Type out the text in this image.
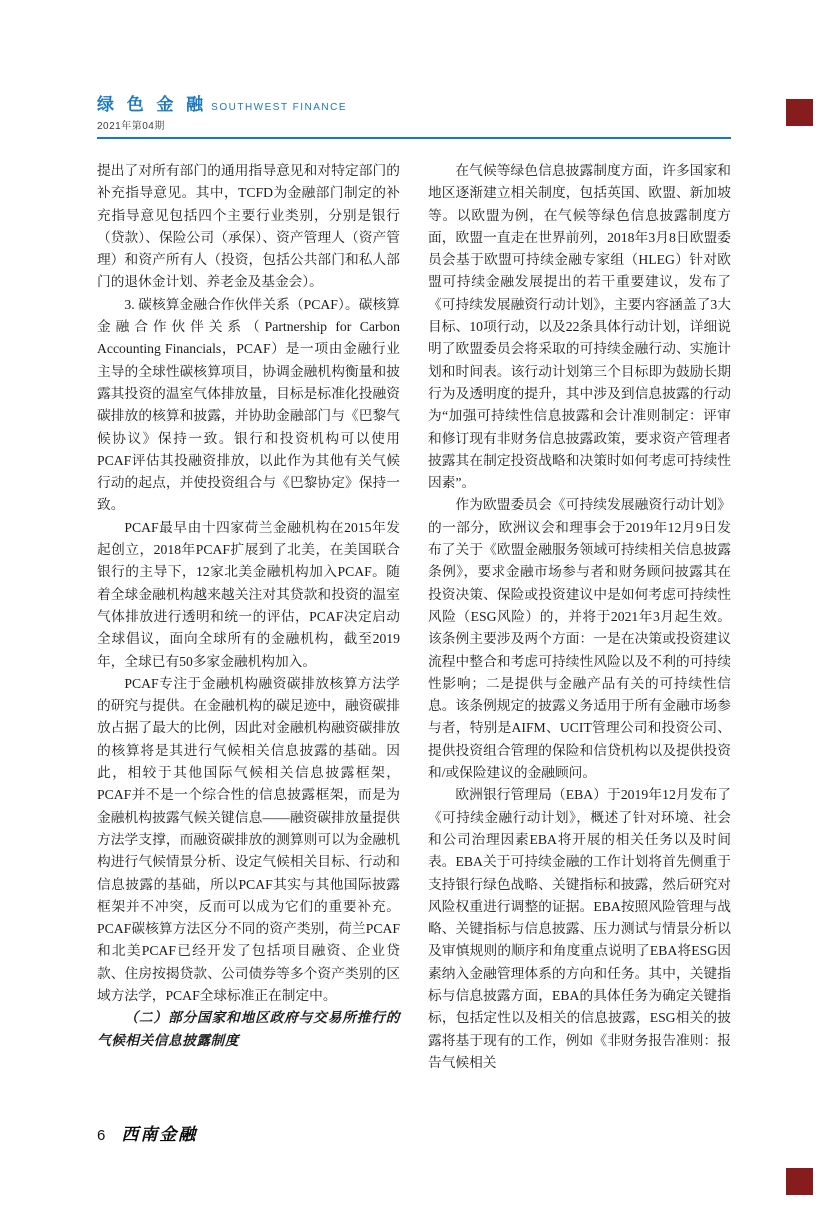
绿 色 金 融 SOUTHWEST FINANCE
2021年第04期

提出了对所有部门的通用指导意见和对特定部门的补充指导意见。其中，TCFD为金融部门制定的补充指导意见包括四个主要行业类别，分别是银行（贷款）、保险公司（承保）、资产管理人（资产管理）和资产所有人（投资，包括公共部门和私人部门的退休金计划、养老金及基金会）。

3. 碳核算金融合作伙伴关系（PCAF）。碳核算金融合作伙伴关系（Partnership for Carbon Accounting Financials，PCAF）是一项由金融行业主导的全球性碳核算项目，协调金融机构衡量和披露其投资的温室气体排放量，目标是标准化投融资碳排放的核算和披露，并协助金融部门与《巴黎气候协议》保持一致。银行和投资机构可以使用PCAF评估其投融资排放，以此作为其他有关气候行动的起点，并使投资组合与《巴黎协定》保持一致。

PCAF最早由十四家荷兰金融机构在2015年发起创立，2018年PCAF扩展到了北美，在美国联合银行的主导下，12家北美金融机构加入PCAF。随着全球金融机构越来越关注对其贷款和投资的温室气体排放进行透明和统一的评估，PCAF决定启动全球倡议，面向全球所有的金融机构，截至2019年，全球已有50多家金融机构加入。

PCAF专注于金融机构融资碳排放核算方法学的研究与提供。在金融机构的碳足迹中，融资碳排放占据了最大的比例，因此对金融机构融资碳排放的核算将是其进行气候相关信息披露的基础。因此，相较于其他国际气候相关信息披露框架，PCAF并不是一个综合性的信息披露框架，而是为金融机构披露气候关键信息——融资碳排放量提供方法学支撑，而融资碳排放的测算则可以为金融机构进行气候情景分析、设定气候相关目标、行动和信息披露的基础，所以PCAF其实与其他国际披露框架并不冲突，反而可以成为它们的重要补充。PCAF碳核算方法区分不同的资产类别，荷兰PCAF和北美PCAF已经开发了包括项目融资、企业贷款、住房按揭贷款、公司债券等多个资产类别的区域方法学，PCAF全球标准正在制定中。

（二）部分国家和地区政府与交易所推行的气候相关信息披露制度

在气候等绿色信息披露制度方面，许多国家和地区逐渐建立相关制度，包括英国、欧盟、新加坡等。以欧盟为例，在气候等绿色信息披露制度方面，欧盟一直走在世界前列，2018年3月8日欧盟委员会基于欧盟可持续金融专家组（HLEG）针对欧盟可持续金融发展提出的若干重要建议，发布了《可持续发展融资行动计划》，主要内容涵盖了3大目标、10项行动，以及22条具体行动计划，详细说明了欧盟委员会将采取的可持续金融行动、实施计划和时间表。该行动计划第三个目标即为鼓励长期行为及透明度的提升，其中涉及到信息披露的行动为“加强可持续性信息披露和会计准则制定：评审和修订现有非财务信息披露政策，要求资产管理者披露其在制定投资战略和决策时如何考虑可持续性因素”。

作为欧盟委员会《可持续发展融资行动计划》的一部分，欧洲议会和理事会于2019年12月9日发布了关于《欧盟金融服务领域可持续相关信息披露条例》，要求金融市场参与者和财务顾问披露其在投资决策、保险或投资建议中是如何考虑可持续性风险（ESG风险）的，并将于2021年3月起生效。该条例主要涉及两个方面：一是在决策或投资建议流程中整合和考虑可持续性风险以及不利的可持续性影响；二是提供与金融产品有关的可持续性信息。该条例规定的披露义务适用于所有金融市场参与者，特别是AIFM、UCIT管理公司和投资公司、提供投资组合管理的保险和信贷机构以及提供投资和/或保险建议的金融顾问。

欧洲银行管理局（EBA）于2019年12月发布了《可持续金融行动计划》，概述了针对环境、社会和公司治理因素EBA将开展的相关任务以及时间表。EBA关于可持续金融的工作计划将首先侧重于支持银行绿色战略、关键指标和披露，然后研究对风险权重进行调整的证据。EBA按照风险管理与战略、关键指标与信息披露、压力测试与情景分析以及审慎规则的顺序和角度重点说明了EBA将ESG因素纳入金融管理体系的方向和任务。其中，关键指标与信息披露方面，EBA的具体任务为确定关键指标，包括定性以及相关的信息披露，ESG相关的披露将基于现有的工作，例如《非财务报告准则：报告气候相关

6 西南金融
